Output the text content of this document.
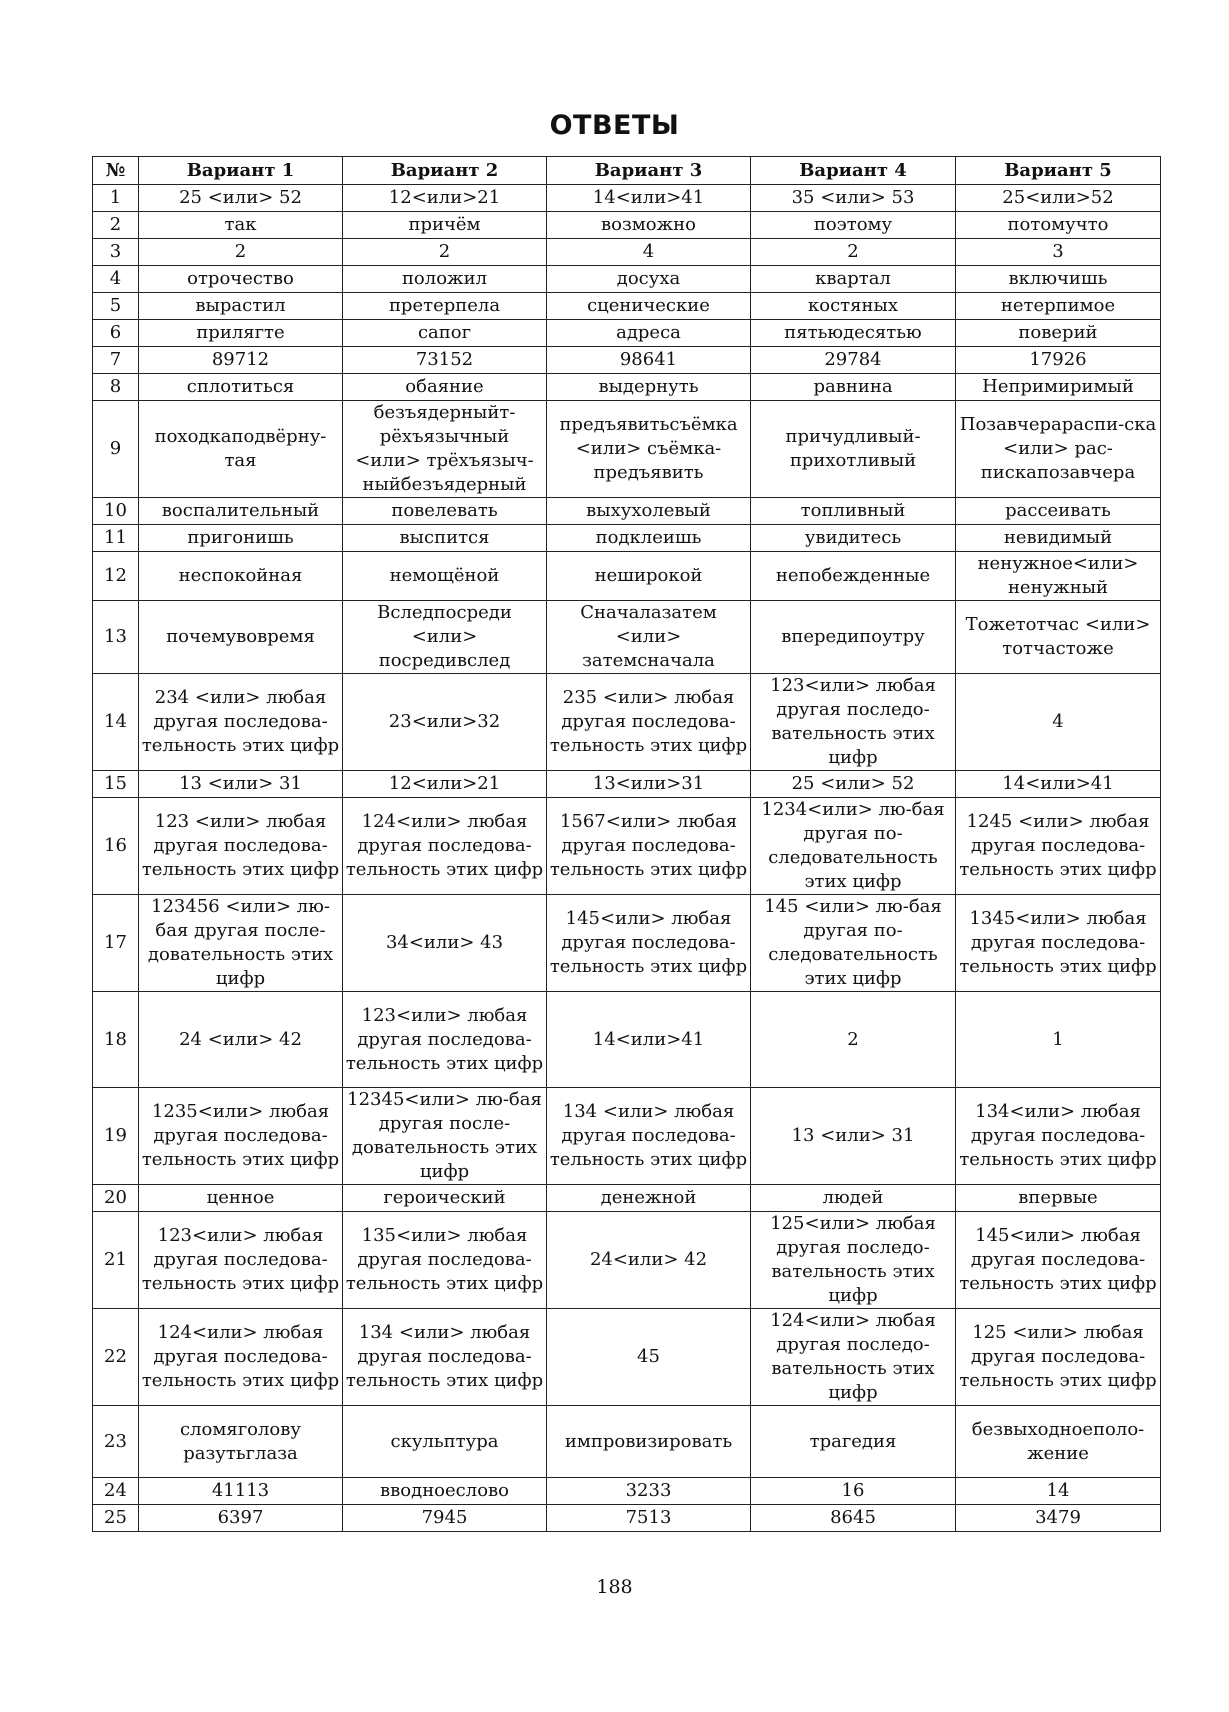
ОТВЕТЫ
№	Вариант 1	Вариант 2	Вариант 3	Вариант 4	Вариант 5
1	25 <или> 52	12<или>21	14<или>41	35 <или> 53	25<или>52
2	так	причём	возможно	поэтому	потомучто
3	2	2	4	2	3
4	отрочество	положил	досуха	квартал	включишь
5	вырастил	претерпела	сценические	костяных	нетерпимое
6	прилягте	сапог	адреса	пятьюдесятью	поверий
7	89712	73152	98641	29784	17926
8	сплотиться	обаяние	выдернуть	равнина	Непримиримый
9	походкаподвёрну-тая	безъядерныйт-рёхъязычный <или> трёхъязыч-ныйбезъядерный	предъявитьсъёмка <или> съёмка-предъявить	причудливый-прихотливый	Позавчерараспи-ска <или> рас-пискапозавчера
10	воспалительный	повелевать	выхухолевый	топливный	рассеивать
11	пригонишь	выспится	подклеишь	увидитесь	невидимый
12	неспокойная	немощёной	неширокой	непобежденные	ненужное<или> ненужный
13	почемувовремя	Вследпосреди <или> посредивслед	Сначалазатем <или> затемсначала	впередипоутру	Тожетотчас <или> тотчастоже
14	234 <или> любая другая последова-тельность этих цифр	23<или>32	235 <или> любая другая последова-тельность этих цифр	123<или> любая другая последо-вательность этих цифр	4
15	13 <или> 31	12<или>21	13<или>31	25 <или> 52	14<или>41
16	123 <или> любая другая последова-тельность этих цифр	124<или> любая другая последова-тельность этих цифр	1567<или> любая другая последова-тельность этих цифр	1234<или> лю-бая другая по-следовательность этих цифр	1245 <или> любая другая последова-тельность этих цифр
17	123456 <или> лю-бая другая после-довательность этих цифр	34<или> 43	145<или> любая другая последова-тельность этих цифр	145 <или> лю-бая другая по-следовательность этих цифр	1345<или> любая другая последова-тельность этих цифр
18	24 <или> 42	123<или> любая другая последова-тельность этих цифр	14<или>41	2	1
19	1235<или> любая другая последова-тельность этих цифр	12345<или> лю-бая другая после-довательность этих цифр	134 <или> любая другая последова-тельность этих цифр	13 <или> 31	134<или> любая другая последова-тельность этих цифр
20	ценное	героический	денежной	людей	впервые
21	123<или> любая другая последова-тельность этих цифр	135<или> любая другая последова-тельность этих цифр	24<или> 42	125<или> любая другая последо-вательность этих цифр	145<или> любая другая последова-тельность этих цифр
22	124<или> любая другая последова-тельность этих цифр	134 <или> любая другая последова-тельность этих цифр	45	124<или> любая другая последо-вательность этих цифр	125 <или> любая другая последова-тельность этих цифр
23	сломяголову разутьглаза	скульптура	импровизировать	трагедия	безвыходноеполо-жение
24	41113	вводноеслово	3233	16	14
25	6397	7945	7513	8645	3479
188
